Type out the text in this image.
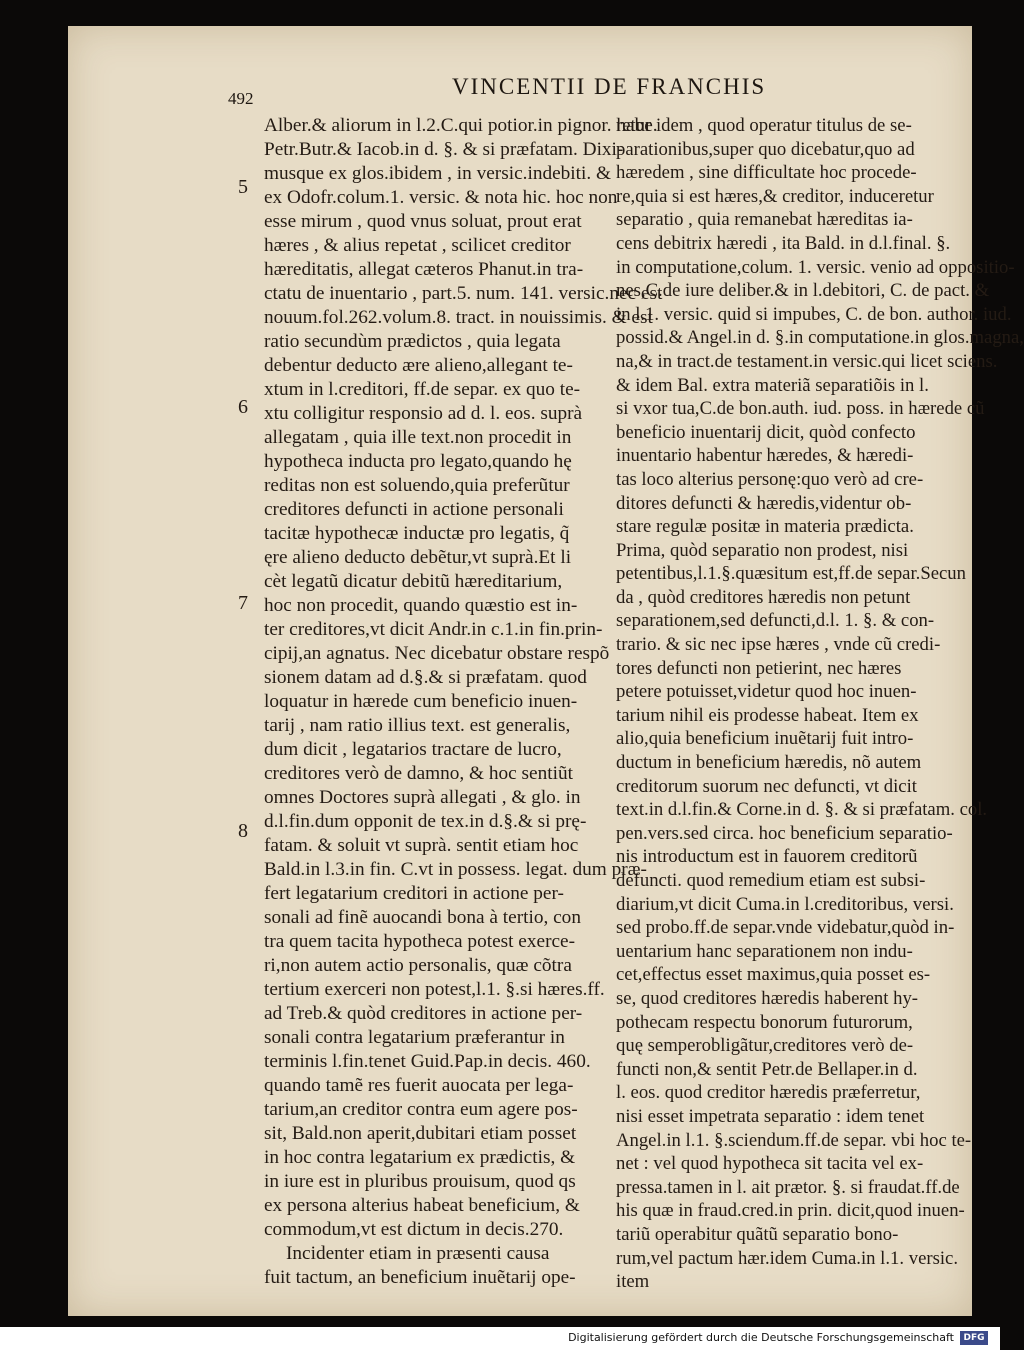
492	VINCENTII DE FRANCHIS
5
6
7
8
Alber.& aliorum in l.2.C.qui potior.in pignor. habe.
Petr.Butr.& Iacob.in d. §. & si præfatam. Dixi-
musque ex glos.ibidem , in versic.indebiti. &
ex Odofr.colum.1. versic. & nota hic. hoc non
esse mirum , quod vnus soluat, prout erat
hæres , & alius repetat , scilicet creditor
hæreditatis, allegat cæteros Phanut.in tra-
ctatu de inuentario , part.5. num. 141. versic.nec est
nouum.fol.262.volum.8. tract. in nouissimis. & est
ratio secundùm prædictos , quia legata
debentur deducto ære alieno,allegant te-
xtum in l.creditori, ff.de separ. ex quo te-
xtu colligitur responsio ad d. l. eos. suprà
allegatam , quia ille text.non procedit in
hypotheca inducta pro legato,quando hę
reditas non est soluendo,quia preferũtur
creditores defuncti in actione personali
tacitæ hypothecæ inductæ pro legatis, q̃
ęre alieno deducto debẽtur,vt suprà.Et li
cèt legatũ dicatur debitũ hæreditarium,
hoc non procedit, quando quæstio est in-
ter creditores,vt dicit Andr.in c.1.in fin.prin-
cipij,an agnatus. Nec dicebatur obstare respõ
sionem datam ad d.§.& si præfatam. quod
loquatur in hærede cum beneficio inuen-
tarij , nam ratio illius text. est generalis,
dum dicit , legatarios tractare de lucro,
creditores verò de damno, & hoc sentiũt
omnes Doctores suprà allegati , & glo. in
d.l.fin.dum opponit de tex.in d.§.& si prę-
fatam. & soluit vt suprà. sentit etiam hoc
Bald.in l.3.in fin. C.vt in possess. legat. dum præ-
fert legatarium creditori in actione per-
sonali ad finẽ auocandi bona à tertio, con
tra quem tacita hypotheca potest exerce-
ri,non autem actio personalis, quæ cõtra
tertium exerceri non potest,l.1. §.si hæres.ff.
ad Treb.& quòd creditores in actione per-
sonali contra legatarium præferantur in
terminis l.fin.tenet Guid.Pap.in decis. 460.
quando tamẽ res fuerit auocata per lega-
tarium,an creditor contra eum agere pos-
sit, Bald.non aperit,dubitari etiam posset
in hoc contra legatarium ex prædictis, &
in iure est in pluribus prouisum, quod qs
ex persona alterius habeat beneficium, &
commodum,vt est dictum in decis.270.
Incidenter etiam in præsenti causa
fuit tactum, an beneficium inuẽtarij ope-
retur idem , quod operatur titulus de se-
parationibus,super quo dicebatur,quo ad
hæredem , sine difficultate hoc procede-
re,quia si est hæres,& creditor, induceretur
separatio , quia remanebat hæreditas ia-
cens debitrix hæredi , ita Bald. in d.l.final. §.
in computatione,colum. 1. versic. venio ad oppositio-
nes,C.de iure deliber.& in l.debitori, C. de pact. &
in l.1. versic. quid si impubes, C. de bon. author. iud.
possid.& Angel.in d. §.in computatione.in glos.magna,
na,& in tract.de testament.in versic.qui licet sciens.
& idem Bal. extra materiã separatiõis in l.
si vxor tua,C.de bon.auth. iud. poss. in hærede cũ
beneficio inuentarij dicit, quòd confecto
inuentario habentur hæredes, & hæredi-
tas loco alterius personę:quo verò ad cre-
ditores defuncti & hæredis,videntur ob-
stare regulæ positæ in materia prædicta.
Prima, quòd separatio non prodest, nisi
petentibus,l.1.§.quæsitum est,ff.de separ.Secun
da , quòd creditores hæredis non petunt
separationem,sed defuncti,d.l. 1. §. & con-
trario. & sic nec ipse hæres , vnde cũ credi-
tores defuncti non petierint, nec hæres
petere potuisset,videtur quod hoc inuen-
tarium nihil eis prodesse habeat. Item ex
alio,quia beneficium inuẽtarij fuit intro-
ductum in beneficium hæredis, nõ autem
creditorum suorum nec defuncti, vt dicit
text.in d.l.fin.& Corne.in d. §. & si præfatam. col.
pen.vers.sed circa. hoc beneficium separatio-
nis introductum est in fauorem creditorũ
defuncti. quod remedium etiam est subsi-
diarium,vt dicit Cuma.in l.creditoribus, versi.
sed probo.ff.de separ.vnde videbatur,quòd in-
uentarium hanc separationem non indu-
cet,effectus esset maximus,quia posset es-
se, quod creditores hæredis haberent hy-
pothecam respectu bonorum futurorum,
quę semperobligãtur,creditores verò de-
functi non,& sentit Petr.de Bellaper.in d.
l. eos. quod creditor hæredis præferretur,
nisi esset impetrata separatio : idem tenet
Angel.in l.1. §.sciendum.ff.de separ. vbi hoc te-
net : vel quod hypotheca sit tacita vel ex-
pressa.tamen in l. ait prætor. §. si fraudat.ff.de
his quæ in fraud.cred.in prin. dicit,quod inuen-
tariũ operabitur quãtũ separatio bono-
rum,vel pactum hær.idem Cuma.in l.1. versic.
item
Digitalisierung gefördert durch die Deutsche Forschungsgemeinschaft	DFG
